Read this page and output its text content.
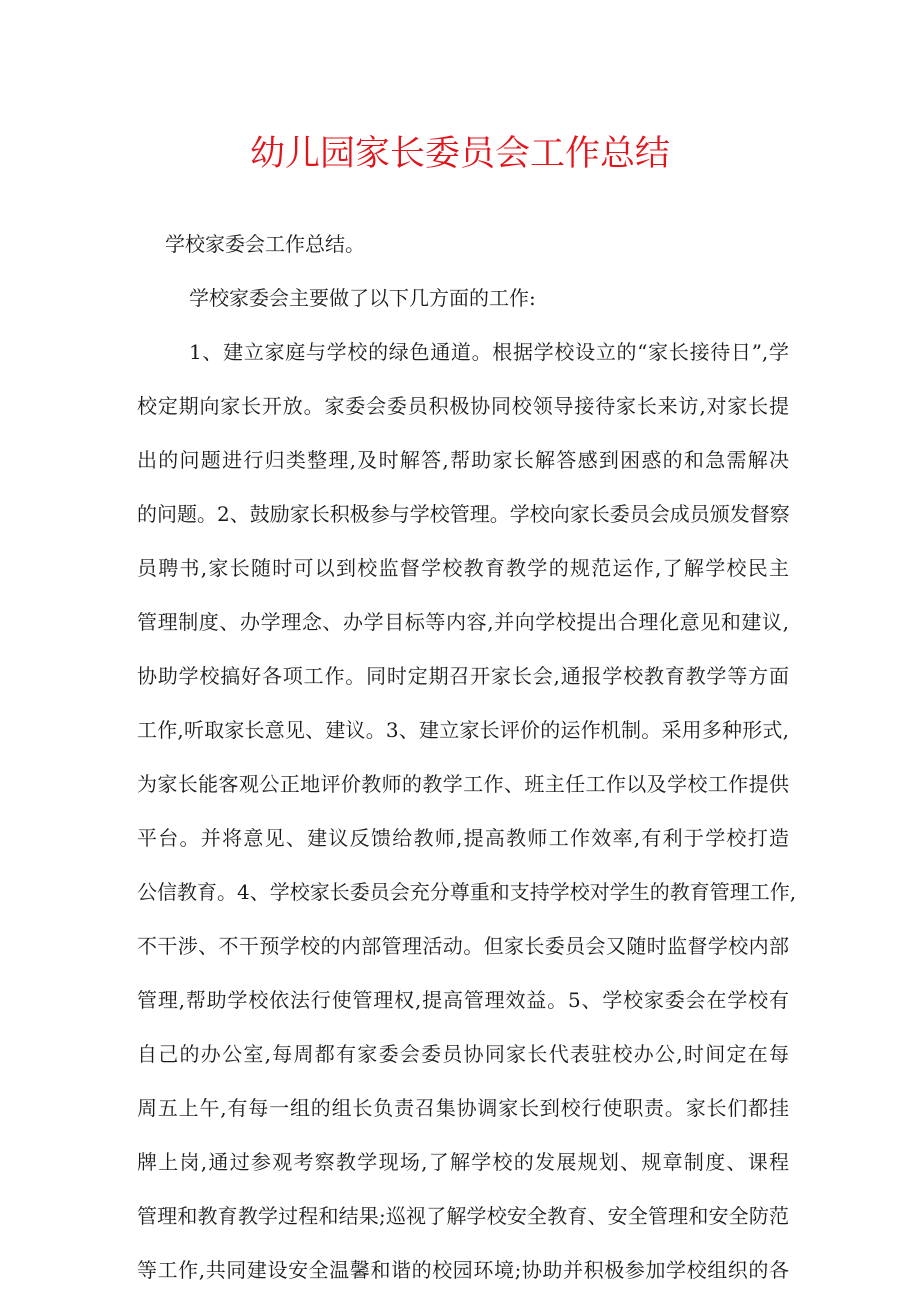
幼儿园家长委员会工作总结

学校家委会工作总结。

学校家委会主要做了以下几方面的工作:

1、建立家庭与学校的绿色通道。根据学校设立的“家长接待日”,学

校定期向家长开放。家委会委员积极协同校领导接待家长来访,对家长提

出的问题进行归类整理,及时解答,帮助家长解答感到困惑的和急需解决

的问题。2、鼓励家长积极参与学校管理。学校向家长委员会成员颁发督察

员聘书,家长随时可以到校监督学校教育教学的规范运作,了解学校民主

管理制度、办学理念、办学目标等内容,并向学校提出合理化意见和建议,

协助学校搞好各项工作。同时定期召开家长会,通报学校教育教学等方面

工作,听取家长意见、建议。3、建立家长评价的运作机制。采用多种形式,

为家长能客观公正地评价教师的教学工作、班主任工作以及学校工作提供

平台。并将意见、建议反馈给教师,提高教师工作效率,有利于学校打造

公信教育。4、学校家长委员会充分尊重和支持学校对学生的教育管理工作,

不干涉、不干预学校的内部管理活动。但家长委员会又随时监督学校内部

管理,帮助学校依法行使管理权,提高管理效益。5、学校家委会在学校有

自己的办公室,每周都有家委会委员协同家长代表驻校办公,时间定在每

周五上午,有每一组的组长负责召集协调家长到校行使职责。家长们都挂

牌上岗,通过参观考察教学现场,了解学校的发展规划、规章制度、课程

管理和教育教学过程和结果;巡视了解学校安全教育、安全管理和安全防范

等工作,共同建设安全温馨和谐的校园环境;协助并积极参加学校组织的各
